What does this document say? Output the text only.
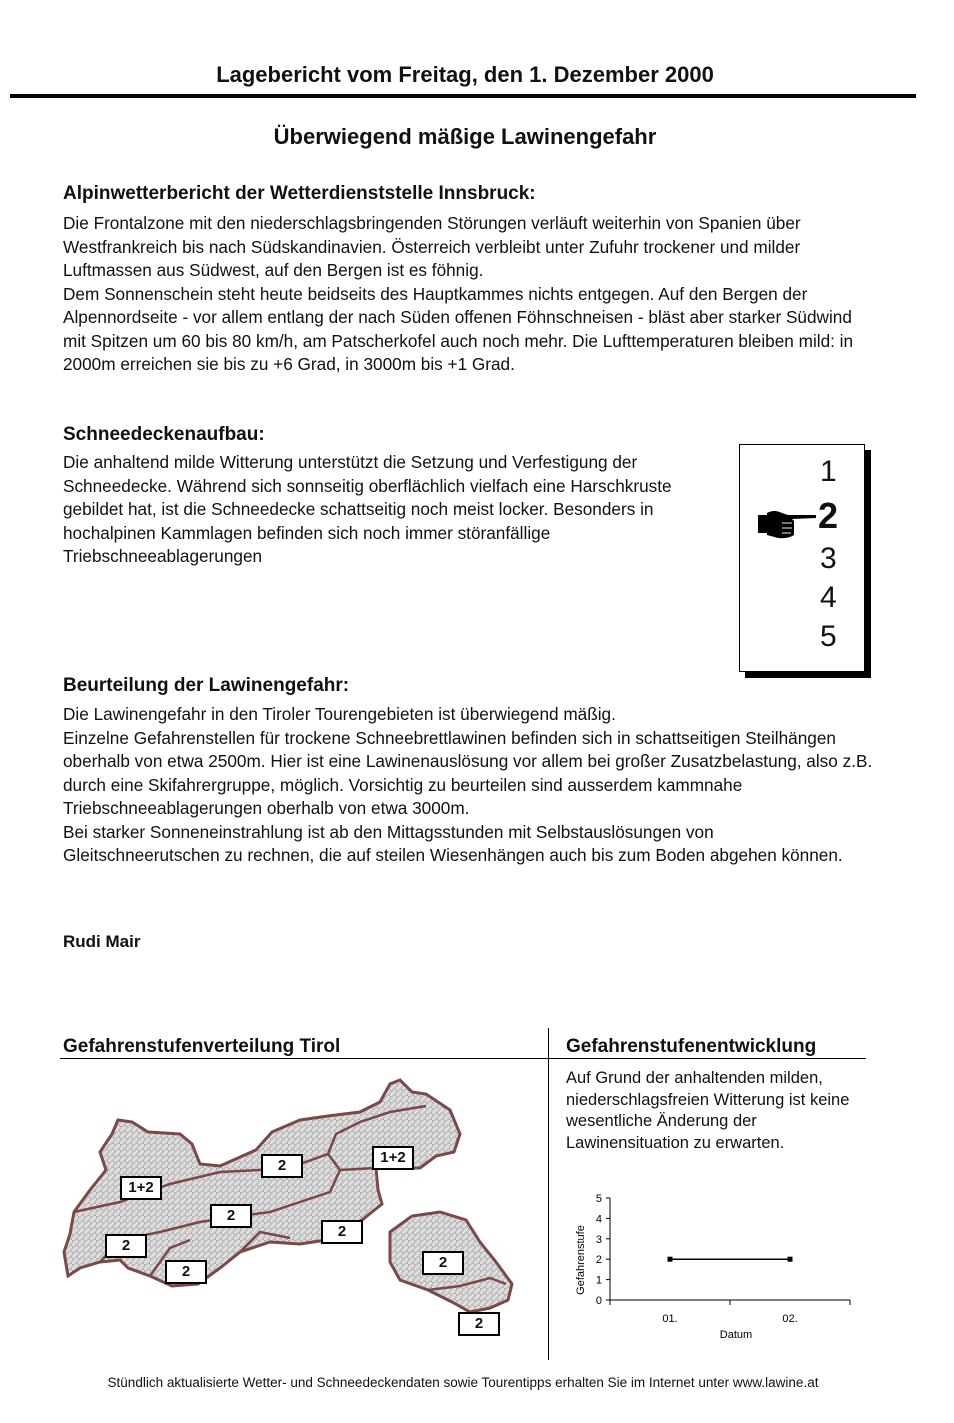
Lagebericht vom Freitag, den 1. Dezember 2000
Überwiegend mäßige Lawinengefahr
Alpinwetterbericht der Wetterdienststelle Innsbruck:

Die Frontalzone mit den niederschlagsbringenden Störungen verläuft weiterhin von Spanien über Westfrankreich bis nach Südskandinavien. Österreich verbleibt unter Zufuhr trockener und milder Luftmassen aus Südwest, auf den Bergen ist es föhnig.

Dem Sonnenschein steht heute beidseits des Hauptkammes nichts entgegen. Auf den Bergen der Alpennordseite - vor allem entlang der nach Süden offenen Föhnschneisen - bläst aber starker Südwind mit Spitzen um 60 bis 80 km/h, am Patscherkofel auch noch mehr. Die Lufttemperaturen bleiben mild: in 2000m erreichen sie bis zu +6 Grad, in 3000m bis +1 Grad.

Schneedeckenaufbau:

Die anhaltend milde Witterung unterstützt die Setzung und Verfestigung der Schneedecke. Während sich sonnseitig oberflächlich vielfach eine Harschkruste gebildet hat, ist die Schneedecke schattseitig noch meist locker. Besonders in hochalpinen Kammlagen befinden sich noch immer störanfällige Triebschneeablagerungen

1
2
3
4
5
Beurteilung der Lawinengefahr:

Die Lawinengefahr in den Tiroler Tourengebieten ist überwiegend mäßig.

Einzelne Gefahrenstellen für trockene Schneebrettlawinen befinden sich in schattseitigen Steilhängen oberhalb von etwa 2500m. Hier ist eine Lawinenauslösung vor allem bei großer Zusatzbelastung, also z.B. durch eine Skifahrergruppe, möglich. Vorsichtig zu beurteilen sind ausserdem kammnahe Triebschneeablagerungen oberhalb von etwa 3000m.

Bei starker Sonneneinstrahlung ist ab den Mittagsstunden mit Selbstauslösungen von Gleitschneerutschen zu rechnen, die auf steilen Wiesenhängen auch bis zum Boden abgehen können.

Rudi Mair
Gefahrenstufenverteilung Tirol	Gefahrenstufenentwicklung
Auf Grund der anhaltenden milden, niederschlagsfreien Witterung ist keine wesentliche Änderung der Lawinensituation zu erwarten.
1+2
2	1+2
2
2
2
2
2
2
0
1
2
3
4
5
01.	02.
Gefahrenstufe
Datum
Stündlich aktualisierte Wetter- und Schneedeckendaten sowie Tourentipps erhalten Sie im Internet unter www.lawine.at
